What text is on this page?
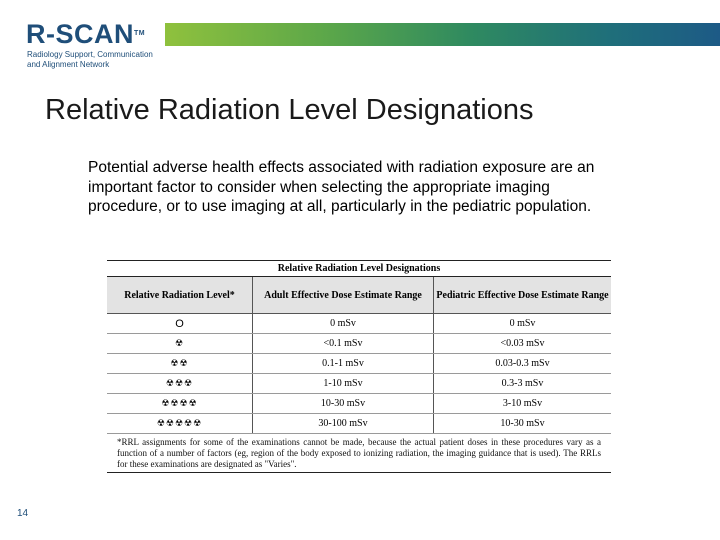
R-SCAN™
Radiology Support, Communication
and Alignment Network
Relative Radiation Level Designations
Potential adverse health effects associated with radiation exposure are an important factor to consider when selecting the appropriate imaging procedure, or to use imaging at all, particularly in the pediatric population.
Relative Radiation Level Designations		
Relative Radiation Level*	Adult Effective Dose Estimate Range	Pediatric Effective Dose Estimate Range
O	0 mSv	0 mSv
☢	<0.1 mSv	<0.03 mSv
☢☢	0.1-1 mSv	0.03-0.3 mSv
☢☢☢	1-10 mSv	0.3-3 mSv
☢☢☢☢	10-30 mSv	3-10 mSv
☢☢☢☢☢	30-100 mSv	10-30 mSv
*RRL assignments for some of the examinations cannot be made, because the actual patient doses in these procedures vary as a function of a number of factors (eg, region of the body exposed to ionizing radiation, the imaging guidance that is used). The RRLs for these examinations are designated as "Varies".
14
